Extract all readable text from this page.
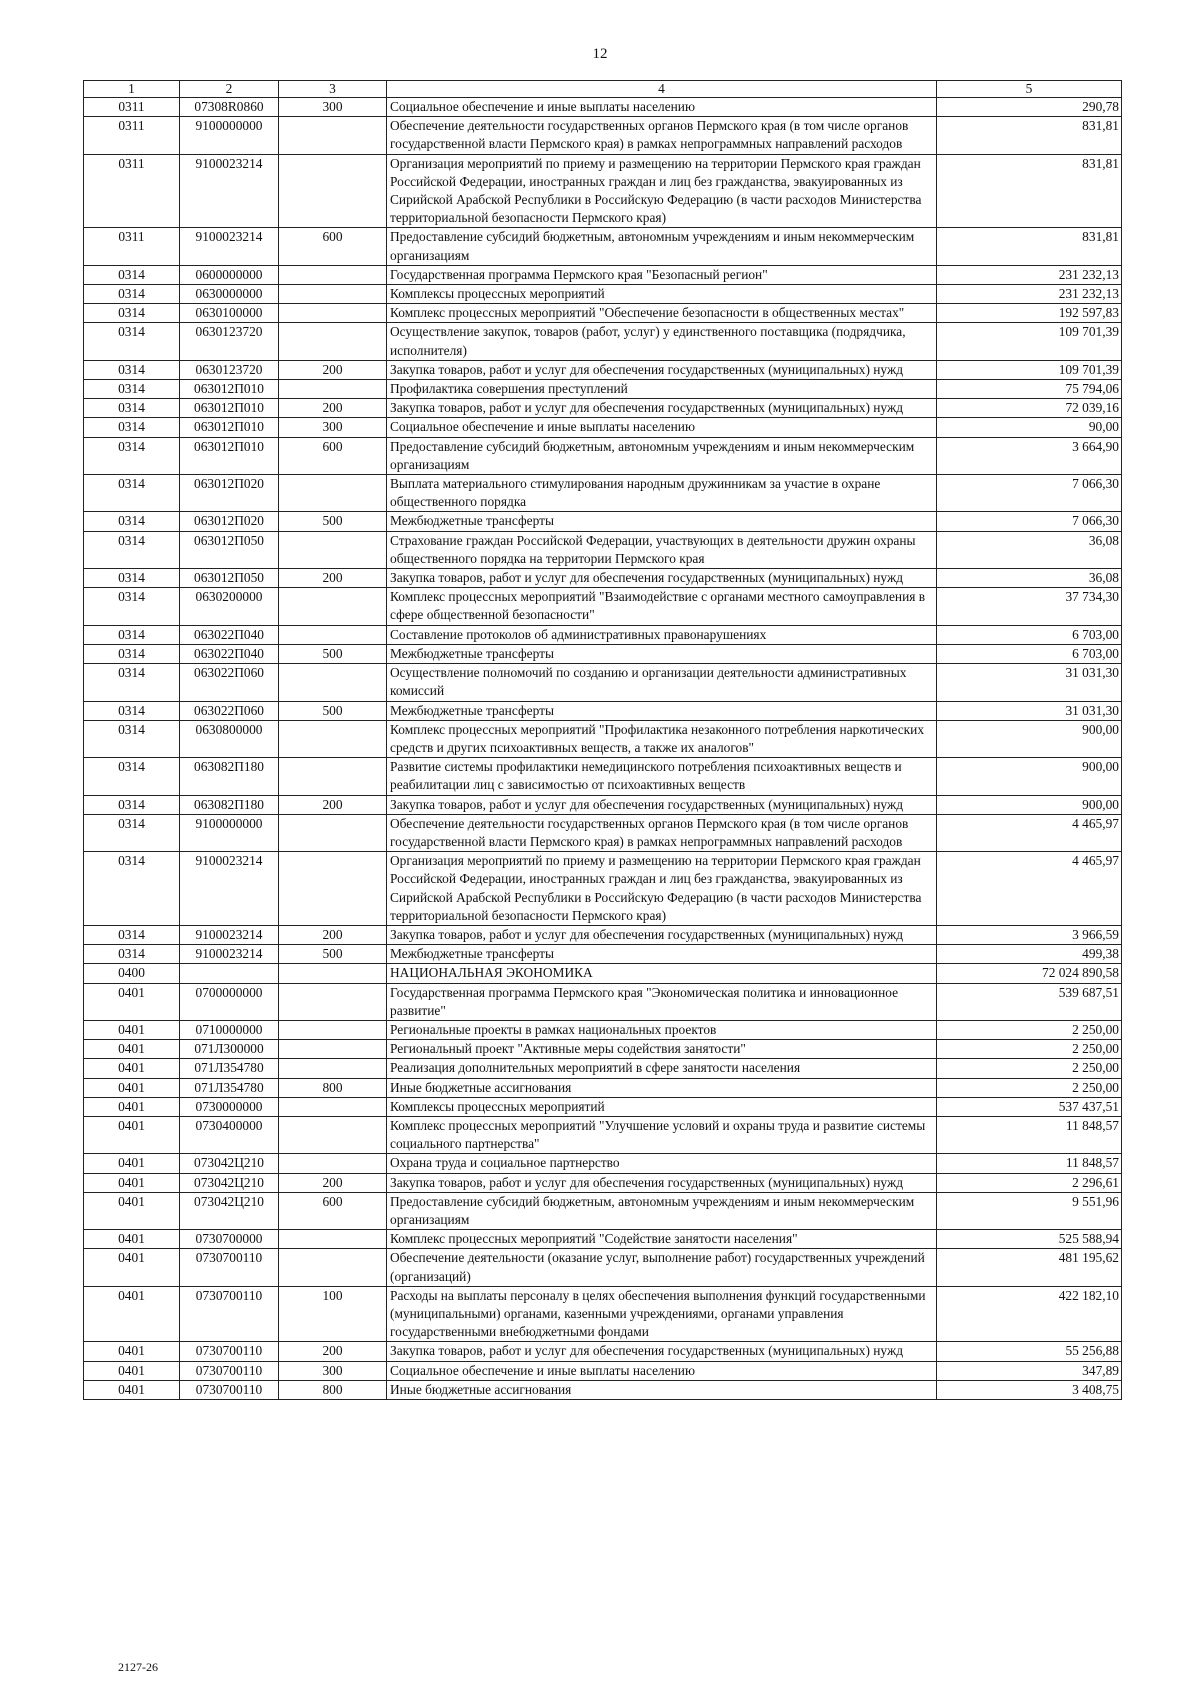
12
1	2	3	4	5
0311	07308R0860	300	Социальное обеспечение и иные выплаты населению	290,78
0311	9100000000		Обеспечение деятельности государственных органов Пермского края (в том числе органов государственной власти Пермского края) в рамках непрограммных направлений расходов	831,81
0311	9100023214		Организация мероприятий по приему и размещению на территории Пермского края граждан Российской Федерации, иностранных граждан и лиц без гражданства, эвакуированных из Сирийской Арабской Республики в Российскую Федерацию (в части расходов Министерства территориальной безопасности Пермского края)	831,81
0311	9100023214	600	Предоставление субсидий бюджетным, автономным учреждениям и иным некоммерческим организациям	831,81
0314	0600000000		Государственная программа Пермского края "Безопасный регион"	231 232,13
0314	0630000000		Комплексы процессных мероприятий	231 232,13
0314	0630100000		Комплекс процессных мероприятий "Обеспечение безопасности в общественных местах"	192 597,83
0314	0630123720		Осуществление закупок, товаров (работ, услуг) у единственного поставщика (подрядчика, исполнителя)	109 701,39
0314	0630123720	200	Закупка товаров, работ и услуг для обеспечения государственных (муниципальных) нужд	109 701,39
0314	063012П010		Профилактика совершения преступлений	75 794,06
0314	063012П010	200	Закупка товаров, работ и услуг для обеспечения государственных (муниципальных) нужд	72 039,16
0314	063012П010	300	Социальное обеспечение и иные выплаты населению	90,00
0314	063012П010	600	Предоставление субсидий бюджетным, автономным учреждениям и иным некоммерческим организациям	3 664,90
0314	063012П020		Выплата материального стимулирования народным дружинникам за участие в охране общественного порядка	7 066,30
0314	063012П020	500	Межбюджетные трансферты	7 066,30
0314	063012П050		Страхование граждан Российской Федерации, участвующих в деятельности дружин охраны общественного порядка на территории Пермского края	36,08
0314	063012П050	200	Закупка товаров, работ и услуг для обеспечения государственных (муниципальных) нужд	36,08
0314	0630200000		Комплекс процессных мероприятий "Взаимодействие с органами местного самоуправления в сфере общественной безопасности"	37 734,30
0314	063022П040		Составление протоколов об административных правонарушениях	6 703,00
0314	063022П040	500	Межбюджетные трансферты	6 703,00
0314	063022П060		Осуществление полномочий по созданию и организации деятельности административных комиссий	31 031,30
0314	063022П060	500	Межбюджетные трансферты	31 031,30
0314	0630800000		Комплекс процессных мероприятий "Профилактика незаконного потребления наркотических средств и других психоактивных веществ, а также их аналогов"	900,00
0314	063082П180		Развитие системы профилактики немедицинского потребления психоактивных веществ и реабилитации лиц с зависимостью от психоактивных веществ	900,00
0314	063082П180	200	Закупка товаров, работ и услуг для обеспечения государственных (муниципальных) нужд	900,00
0314	9100000000		Обеспечение деятельности государственных органов Пермского края (в том числе органов государственной власти Пермского края) в рамках непрограммных направлений расходов	4 465,97
0314	9100023214		Организация мероприятий по приему и размещению на территории Пермского края граждан Российской Федерации, иностранных граждан и лиц без гражданства, эвакуированных из Сирийской Арабской Республики в Российскую Федерацию (в части расходов Министерства территориальной безопасности Пермского края)	4 465,97
0314	9100023214	200	Закупка товаров, работ и услуг для обеспечения государственных (муниципальных) нужд	3 966,59
0314	9100023214	500	Межбюджетные трансферты	499,38
0400			НАЦИОНАЛЬНАЯ ЭКОНОМИКА	72 024 890,58
0401	0700000000		Государственная программа Пермского края "Экономическая политика и инновационное развитие"	539 687,51
0401	0710000000		Региональные проекты в рамках национальных проектов	2 250,00
0401	071Л300000		Региональный проект "Активные меры содействия занятости"	2 250,00
0401	071Л354780		Реализация дополнительных мероприятий в сфере занятости населения	2 250,00
0401	071Л354780	800	Иные бюджетные ассигнования	2 250,00
0401	0730000000		Комплексы процессных мероприятий	537 437,51
0401	0730400000		Комплекс процессных мероприятий "Улучшение условий и охраны труда и развитие системы социального партнерства"	11 848,57
0401	073042Ц210		Охрана труда и социальное партнерство	11 848,57
0401	073042Ц210	200	Закупка товаров, работ и услуг для обеспечения государственных (муниципальных) нужд	2 296,61
0401	073042Ц210	600	Предоставление субсидий бюджетным, автономным учреждениям и иным некоммерческим организациям	9 551,96
0401	0730700000		Комплекс процессных мероприятий "Содействие занятости населения"	525 588,94
0401	0730700110		Обеспечение деятельности (оказание услуг, выполнение работ) государственных учреждений (организаций)	481 195,62
0401	0730700110	100	Расходы на выплаты персоналу в целях обеспечения выполнения функций государственными (муниципальными) органами, казенными учреждениями, органами управления государственными внебюджетными фондами	422 182,10
0401	0730700110	200	Закупка товаров, работ и услуг для обеспечения государственных (муниципальных) нужд	55 256,88
0401	0730700110	300	Социальное обеспечение и иные выплаты населению	347,89
0401	0730700110	800	Иные бюджетные ассигнования	3 408,75
2127-26
